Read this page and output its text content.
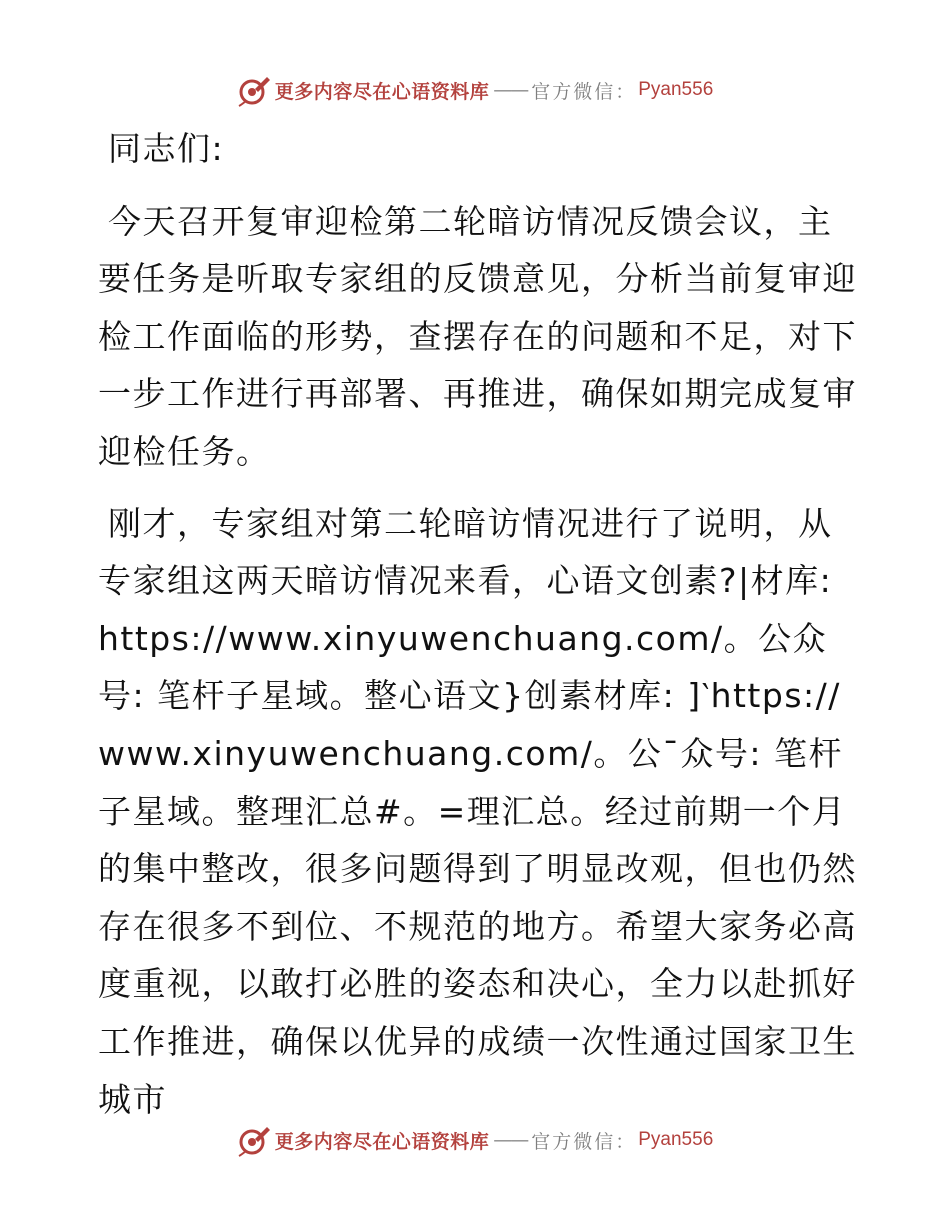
更多内容尽在心语资料库 —— 官方微信： Pyan556

同志们:

今天召开复审迎检第二轮暗访情况反馈会议，主要任务是听取专家组的反馈意见，分析当前复审迎检工作面临的形势，查摆存在的问题和不足，对下一步工作进行再部署、再推进，确保如期完成复审迎检任务。

刚才，专家组对第二轮暗访情况进行了说明，从专家组这两天暗访情况来看，心语文创素?|材库: https://www.xinyuwenchuang.com/。公众号: 笔杆子星域。整心语文}创素材库: ]‵https:// www.xinyuwenchuang.com/。公¯众号: 笔杆子星域。整理汇总#。=理汇总。经过前期一个月的集中整改，很多问题得到了明显改观，但也仍然存在很多不到位、不规范的地方。希望大家务必高度重视，以敢打必胜的姿态和决心，全力以赴抓好工作推进，确保以优异的成绩一次性通过国家卫生城市

更多内容尽在心语资料库 —— 官方微信： Pyan556
